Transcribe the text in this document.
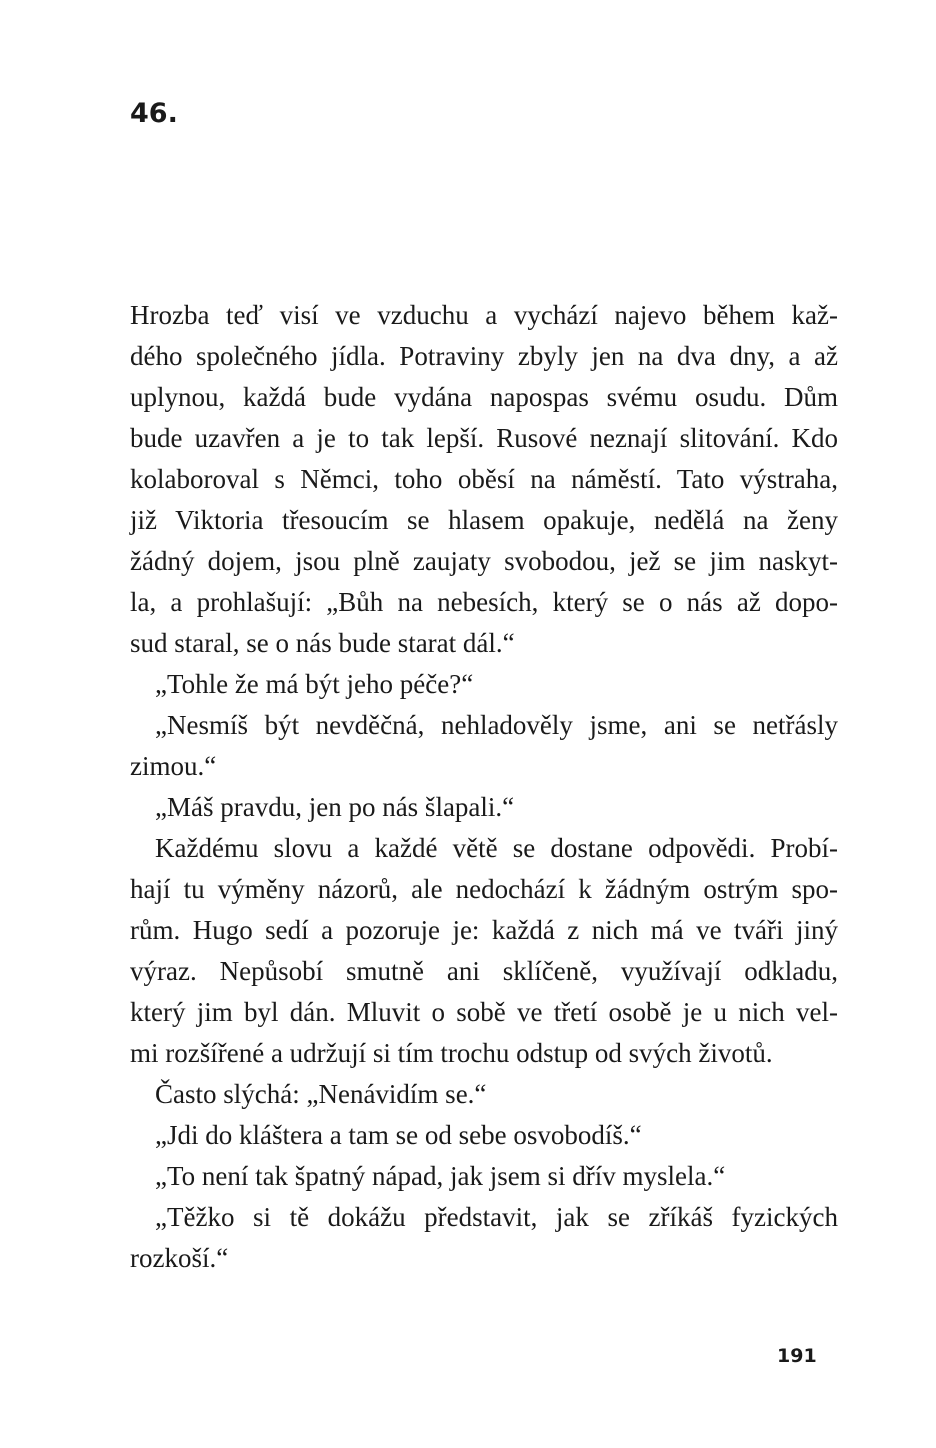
46.
Hrozba teď visí ve vzduchu a vychází najevo během kaž-
dého společného jídla. Potraviny zbyly jen na dva dny, a až
uplynou, každá bude vydána napospas svému osudu. Dům
bude uzavřen a je to tak lepší. Rusové neznají slitování. Kdo
kolaboroval s Němci, toho oběsí na náměstí. Tato výstraha,
již Viktoria třesoucím se hlasem opakuje, nedělá na ženy
žádný dojem, jsou plně zaujaty svobodou, jež se jim naskyt-
la, a prohlašují: „Bůh na nebesích, který se o nás až dopo-
sud staral, se o nás bude starat dál.“
„Tohle že má být jeho péče?“
„Nesmíš být nevděčná, nehladověly jsme, ani se netřásly
zimou.“
„Máš pravdu, jen po nás šlapali.“
Každému slovu a každé větě se dostane odpovědi. Probí-
hají tu výměny názorů, ale nedochází k žádným ostrým spo-
rům. Hugo sedí a pozoruje je: každá z nich má ve tváři jiný
výraz. Nepůsobí smutně ani sklíčeně, využívají odkladu,
který jim byl dán. Mluvit o sobě ve třetí osobě je u nich vel-
mi rozšířené a udržují si tím trochu odstup od svých životů.
Často slýchá: „Nenávidím se.“
„Jdi do kláštera a tam se od sebe osvobodíš.“
„To není tak špatný nápad, jak jsem si dřív myslela.“
„Těžko si tě dokážu představit, jak se zříkáš fyzických
rozkoší.“
191
